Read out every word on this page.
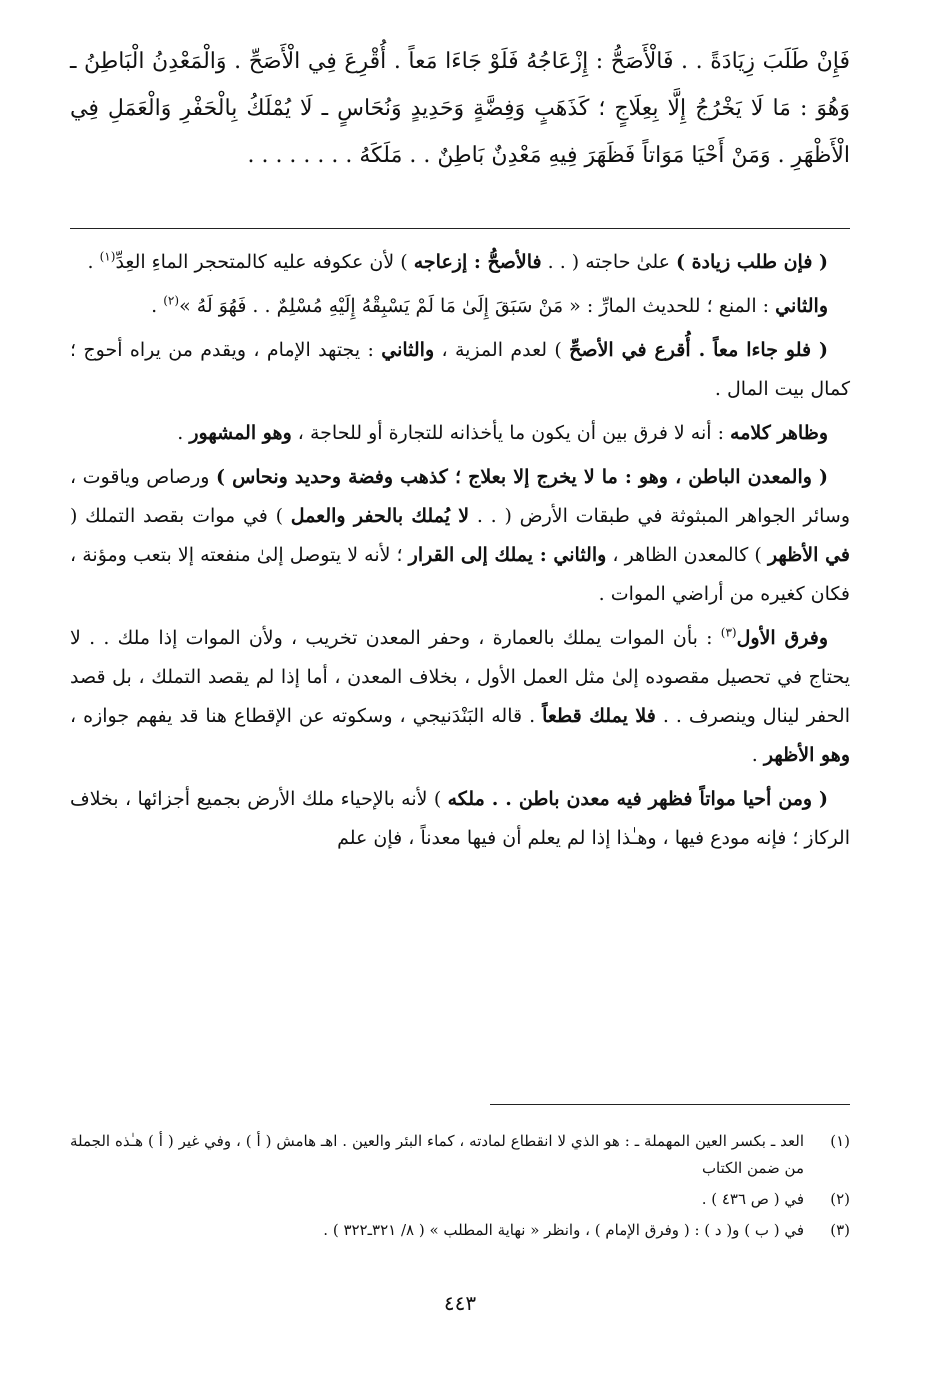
فَإِنْ طَلَبَ زِيَادَةً . . فَالْأَصَحُّ : إِزْعَاجُهُ فَلَوْ جَاءَا مَعاً . أُقْرِعَ فِي الْأَصَحِّ . وَالْمَعْدِنُ الْبَاطِنُ ـ وَهُوَ : مَا لَا يَخْرُجُ إِلَّا بِعِلَاجٍ ؛ كَذَهَبٍ وَفِضَّةٍ وَحَدِيدٍ وَنُحَاسٍ ـ لَا يُمْلَكُ بِالْحَفْرِ وَالْعَمَلِ فِي الْأَظْهَرِ . وَمَنْ أَحْيَا مَوَاتاً فَظَهَرَ فِيهِ مَعْدِنٌ بَاطِنٌ . . مَلَكَهُ . . . . . . . .

( فإن طلب زيادة ) علىٰ حاجته ( . . فالأصحُّ : إزعاجه ) لأن عكوفه عليه كالمتحجر الماءِ العِدِّ$^{(١)}$ .

والثاني : المنع ؛ للحديث المارِّ : « مَنْ سَبَقَ إِلَىٰ مَا لَمْ يَسْبِقْهُ إِلَيْهِ مُسْلِمٌ . . فَهُوَ لَهُ »$^{(٢)}$ .

( فلو جاءا معاً . أُقرع في الأصحِّ ) لعدم المزية ، والثاني : يجتهد الإمام ، ويقدم من يراه أحوج ؛ كمال بيت المال .

وظاهر كلامه : أنه لا فرق بين أن يكون ما يأخذانه للتجارة أو للحاجة ، وهو المشهور .

( والمعدن الباطن ، وهو : ما لا يخرج إلا بعلاج ؛ كذهب وفضة وحديد ونحاس ) ورصاص وياقوت ، وسائر الجواهر المبثوثة في طبقات الأرض ( . . لا يُملك بالحفر والعمل ) في موات بقصد التملك ( في الأظهر ) كالمعدن الظاهر ، والثاني : يملك إلى القرار ؛ لأنه لا يتوصل إلىٰ منفعته إلا بتعب ومؤنة ، فكان كغيره من أراضي الموات .

وفرق الأول$^{(٣)}$ : بأن الموات يملك بالعمارة ، وحفر المعدن تخريب ، ولأن الموات إذا ملك . . لا يحتاج في تحصيل مقصوده إلىٰ مثل العمل الأول ، بخلاف المعدن ، أما إذا لم يقصد التملك ، بل قصد الحفر لينال وينصرف . . فلا يملك قطعاً . قاله البَنْدَنيجي ، وسكوته عن الإقطاع هنا قد يفهم جوازه ، وهو الأظهر .

( ومن أحيا مواتاً فظهر فيه معدن باطن . . ملكه ) لأنه بالإحياء ملك الأرض بجميع أجزائها ، بخلاف الركاز ؛ فإنه مودع فيها ، وهـٰذا إذا لم يعلم أن فيها معدناً ، فإن علم

(١)
العد ـ بكسر العين المهملة ـ : هو الذي لا انقطاع لمادته ، كماء البئر والعين . اهـ هامش ( أ ) ، وفي غير ( أ ) هـٰذه الجملة من ضمن الكتاب
(٢)
في ( ص ٤٣٦ ) .
(٣)
في ( ب ) و( د ) : ( وفرق الإمام ) ، وانظر « نهاية المطلب » ( ٨/ ٣٢١ـ٣٢٢ ) .
٤٤٣
